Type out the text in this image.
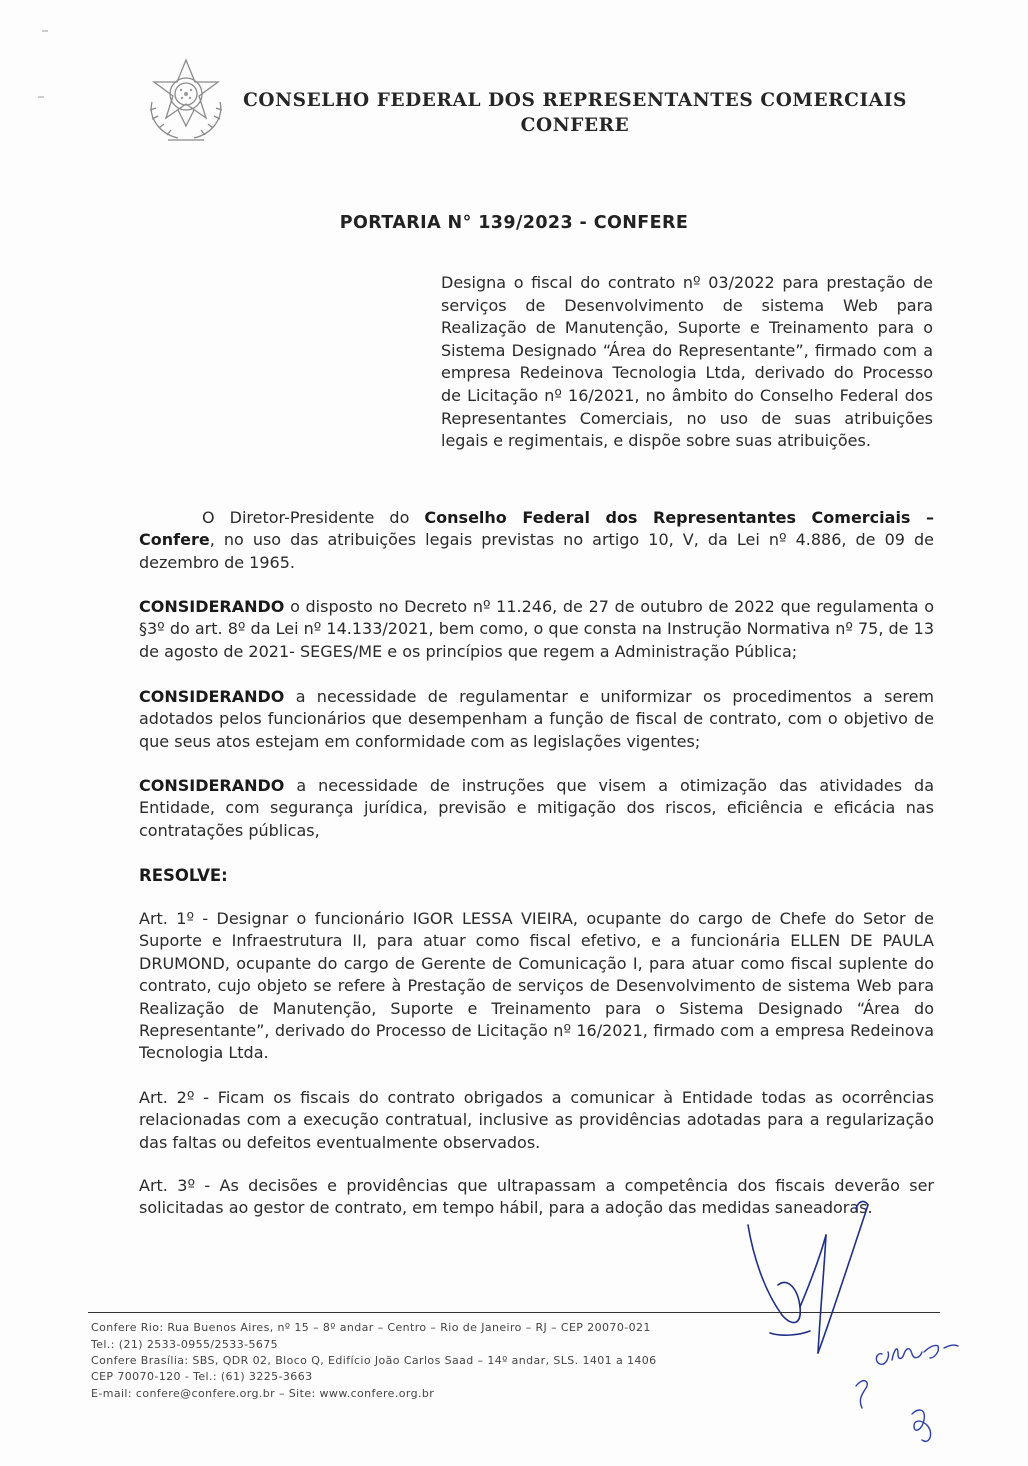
CONSELHO FEDERAL DOS REPRESENTANTES COMERCIAIS
CONFERE
PORTARIA N° 139/2023 - CONFERE
Designa o fiscal do contrato nº 03/2022 para prestação de serviços de Desenvolvimento de sistema Web para Realização de Manutenção, Suporte e Treinamento para o Sistema Designado “Área do Representante”, firmado com a empresa Redeinova Tecnologia Ltda, derivado do Processo de Licitação nº 16/2021, no âmbito do Conselho Federal dos Representantes Comerciais, no uso de suas atribuições legais e regimentais, e dispõe sobre suas atribuições.
O Diretor-Presidente do Conselho Federal dos Representantes Comerciais – Confere, no uso das atribuições legais previstas no artigo 10, V, da Lei nº 4.886, de 09 de dezembro de 1965.
CONSIDERANDO o disposto no Decreto nº 11.246, de 27 de outubro de 2022 que regulamenta o §3º do art. 8º da Lei nº 14.133/2021, bem como, o que consta na Instrução Normativa nº 75, de 13 de agosto de 2021- SEGES/ME e os princípios que regem a Administração Pública;
CONSIDERANDO a necessidade de regulamentar e uniformizar os procedimentos a serem adotados pelos funcionários que desempenham a função de fiscal de contrato, com o objetivo de que seus atos estejam em conformidade com as legislações vigentes;
CONSIDERANDO a necessidade de instruções que visem a otimização das atividades da Entidade, com segurança jurídica, previsão e mitigação dos riscos, eficiência e eficácia nas contratações públicas,
RESOLVE:
Art. 1º - Designar o funcionário IGOR LESSA VIEIRA, ocupante do cargo de Chefe do Setor de Suporte e Infraestrutura II, para atuar como fiscal efetivo, e a funcionária ELLEN DE PAULA DRUMOND, ocupante do cargo de Gerente de Comunicação I, para atuar como fiscal suplente do contrato, cujo objeto se refere à Prestação de serviços de Desenvolvimento de sistema Web para Realização de Manutenção, Suporte e Treinamento para o Sistema Designado “Área do Representante”, derivado do Processo de Licitação nº 16/2021, firmado com a empresa Redeinova Tecnologia Ltda.
Art. 2º - Ficam os fiscais do contrato obrigados a comunicar à Entidade todas as ocorrências relacionadas com a execução contratual, inclusive as providências adotadas para a regularização das faltas ou defeitos eventualmente observados.
Art. 3º - As decisões e providências que ultrapassam a competência dos fiscais deverão ser solicitadas ao gestor de contrato, em tempo hábil, para a adoção das medidas saneadoras.
Confere Rio: Rua Buenos Aires, nº 15 – 8º andar – Centro – Rio de Janeiro – RJ – CEP 20070-021
Tel.: (21) 2533-0955/2533-5675
Confere Brasília: SBS, QDR 02, Bloco Q, Edifício João Carlos Saad – 14º andar, SLS. 1401 a 1406
CEP 70070-120 - Tel.: (61) 3225-3663
E-mail: confere@confere.org.br – Site: www.confere.org.br
